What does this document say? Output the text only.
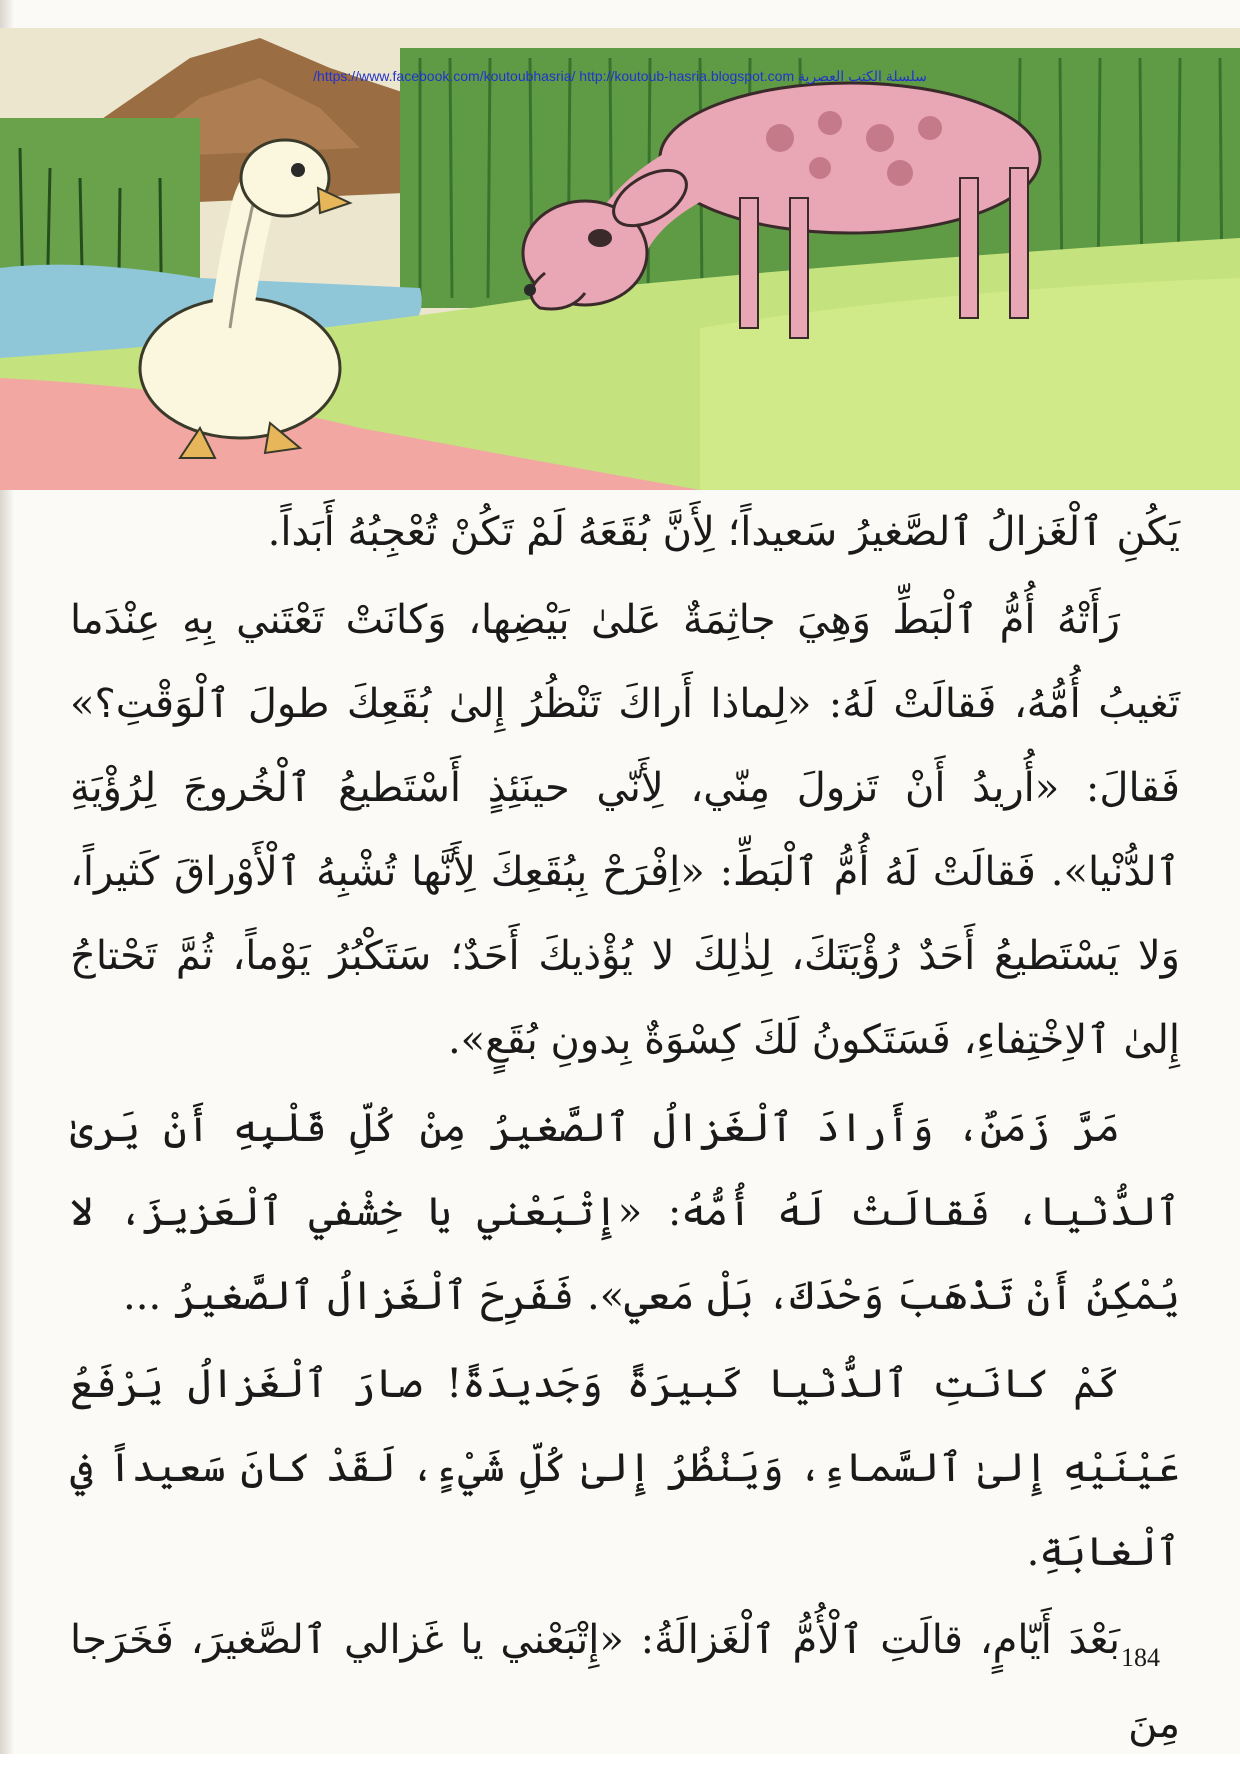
/https://www.facebook.com/koutoubhasria/ http://koutoub-hasria.blogspot.com سلسلة الكتب العصرية

يَكُنِ ٱلْغَزالُ ٱلصَّغيرُ سَعيداً؛ لِأَنَّ بُقَعَهُ لَمْ تَكُنْ تُعْجِبُهُ أَبَداً.

رَأَتْهُ أُمُّ ٱلْبَطِّ وَهِيَ جاثِمَةٌ عَلىٰ بَيْضِها، وَكانَتْ تَعْتَني بِهِ عِنْدَما تَغيبُ أُمُّهُ، فَقالَتْ لَهُ: «لِماذا أَراكَ تَنْظُرُ إِلىٰ بُقَعِكَ طولَ ٱلْوَقْتِ؟» فَقالَ: «أُريدُ أَنْ تَزولَ مِنّي، لِأَنّي حينَئِذٍ أَسْتَطيعُ ٱلْخُروجَ لِرُؤْيَةِ ٱلدُّنْيا». فَقالَتْ لَهُ أُمُّ ٱلْبَطِّ: «اِفْرَحْ بِبُقَعِكَ لِأَنَّها تُشْبِهُ ٱلْأَوْراقَ كَثيراً، وَلا يَسْتَطيعُ أَحَدٌ رُؤْيَتَكَ، لِذٰلِكَ لا يُؤْذيكَ أَحَدٌ؛ سَتَكْبُرُ يَوْماً، ثُمَّ تَحْتاجُ إِلىٰ ٱلاِخْتِفاءِ، فَسَتَكونُ لَكَ كِسْوَةٌ بِدونِ بُقَعٍ».

مَرَّ زَمَنٌ، وَأَرادَ ٱلْغَزالُ ٱلصَّغيرُ مِنْ كُلِّ قَلْبِهِ أَنْ يَرىٰ ٱلدُّنْيا، فَقالَتْ لَهُ أُمُّهُ: «إِتْبَعْني يا خِشْفي ٱلْعَزيزَ، لا يُمْكِنُ أَنْ تَذْهَبَ وَحْدَكَ، بَلْ مَعي». فَفَرِحَ ٱلْغَزالُ ٱلصَّغيرُ ...

كَمْ كانَتِ ٱلدُّنْيا كَبيرَةً وَجَديدَةً! صارَ ٱلْغَزالُ يَرْفَعُ عَيْنَيْهِ إِلىٰ ٱلسَّماءِ، وَيَنْظُرُ إِلىٰ كُلِّ شَيْءٍ، لَقَدْ كانَ سَعيداً في ٱلْغابَةِ.

بَعْدَ أَيّامٍ، قالَتِ ٱلْأُمُّ ٱلْغَزالَةُ: «إِتْبَعْني يا غَزالي ٱلصَّغيرَ، فَخَرَجا مِنَ

184
